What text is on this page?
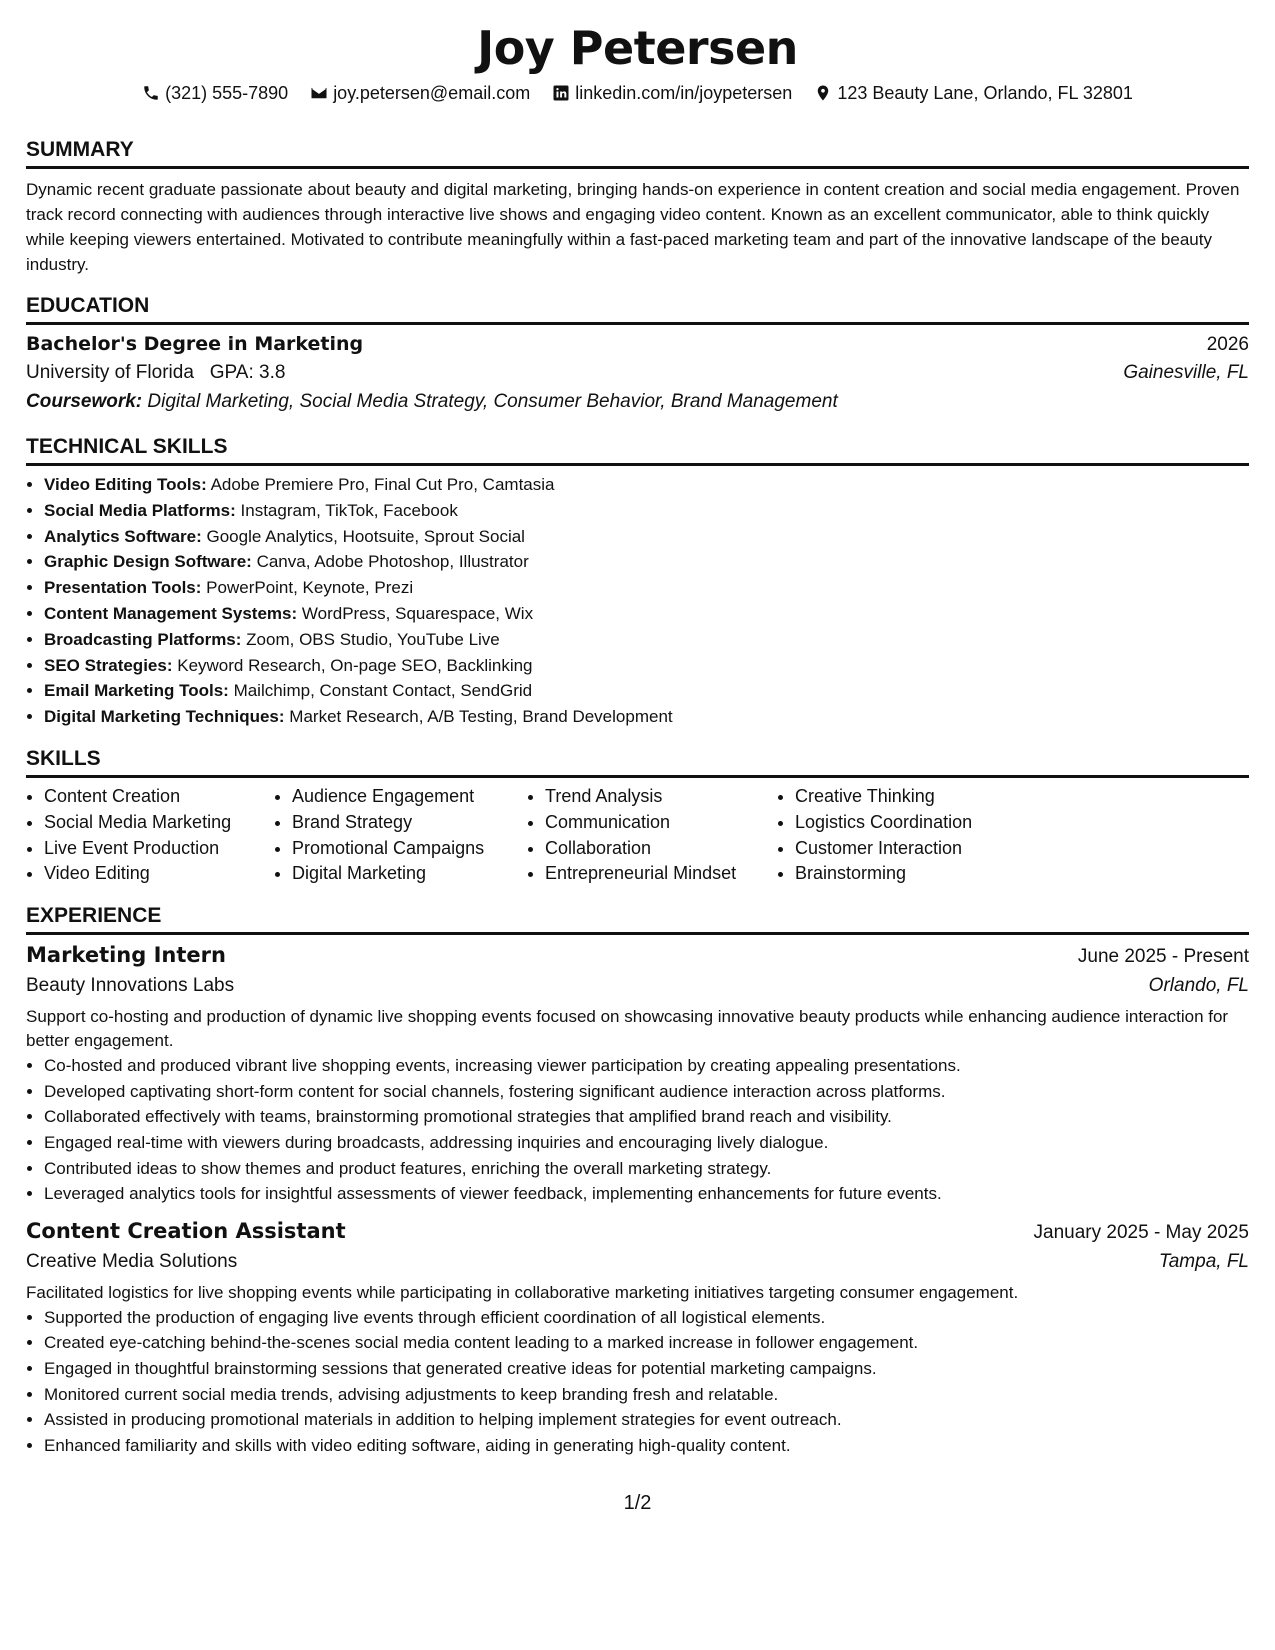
Joy Petersen
(321) 555-7890	joy.petersen@email.com	linkedin.com/in/joypetersen	123 Beauty Lane, Orlando, FL 32801
SUMMARY
Dynamic recent graduate passionate about beauty and digital marketing, bringing hands-on experience in content creation and social media engagement. Proven track record connecting with audiences through interactive live shows and engaging video content. Known as an excellent communicator, able to think quickly while keeping viewers entertained. Motivated to contribute meaningfully within a fast-paced marketing team and part of the innovative landscape of the beauty industry.
EDUCATION
Bachelor's Degree in Marketing	2026
University of Florida GPA: 3.8	Gainesville, FL
Coursework: Digital Marketing, Social Media Strategy, Consumer Behavior, Brand Management
TECHNICAL SKILLS
• Video Editing Tools: Adobe Premiere Pro, Final Cut Pro, Camtasia
• Social Media Platforms: Instagram, TikTok, Facebook
• Analytics Software: Google Analytics, Hootsuite, Sprout Social
• Graphic Design Software: Canva, Adobe Photoshop, Illustrator
• Presentation Tools: PowerPoint, Keynote, Prezi
• Content Management Systems: WordPress, Squarespace, Wix
• Broadcasting Platforms: Zoom, OBS Studio, YouTube Live
• SEO Strategies: Keyword Research, On-page SEO, Backlinking
• Email Marketing Tools: Mailchimp, Constant Contact, SendGrid
• Digital Marketing Techniques: Market Research, A/B Testing, Brand Development
SKILLS
• Content Creation
• Social Media Marketing
• Live Event Production
• Video Editing
• Audience Engagement
• Brand Strategy
• Promotional Campaigns
• Digital Marketing
• Trend Analysis
• Communication
• Collaboration
• Entrepreneurial Mindset
• Creative Thinking
• Logistics Coordination
• Customer Interaction
• Brainstorming
EXPERIENCE
Marketing Intern	June 2025 - Present
Beauty Innovations Labs	Orlando, FL
Support co-hosting and production of dynamic live shopping events focused on showcasing innovative beauty products while enhancing audience interaction for better engagement.
• Co-hosted and produced vibrant live shopping events, increasing viewer participation by creating appealing presentations.
• Developed captivating short-form content for social channels, fostering significant audience interaction across platforms.
• Collaborated effectively with teams, brainstorming promotional strategies that amplified brand reach and visibility.
• Engaged real-time with viewers during broadcasts, addressing inquiries and encouraging lively dialogue.
• Contributed ideas to show themes and product features, enriching the overall marketing strategy.
• Leveraged analytics tools for insightful assessments of viewer feedback, implementing enhancements for future events.
Content Creation Assistant	January 2025 - May 2025
Creative Media Solutions	Tampa, FL
Facilitated logistics for live shopping events while participating in collaborative marketing initiatives targeting consumer engagement.
• Supported the production of engaging live events through efficient coordination of all logistical elements.
• Created eye-catching behind-the-scenes social media content leading to a marked increase in follower engagement.
• Engaged in thoughtful brainstorming sessions that generated creative ideas for potential marketing campaigns.
• Monitored current social media trends, advising adjustments to keep branding fresh and relatable.
• Assisted in producing promotional materials in addition to helping implement strategies for event outreach.
• Enhanced familiarity and skills with video editing software, aiding in generating high-quality content.
1/2
